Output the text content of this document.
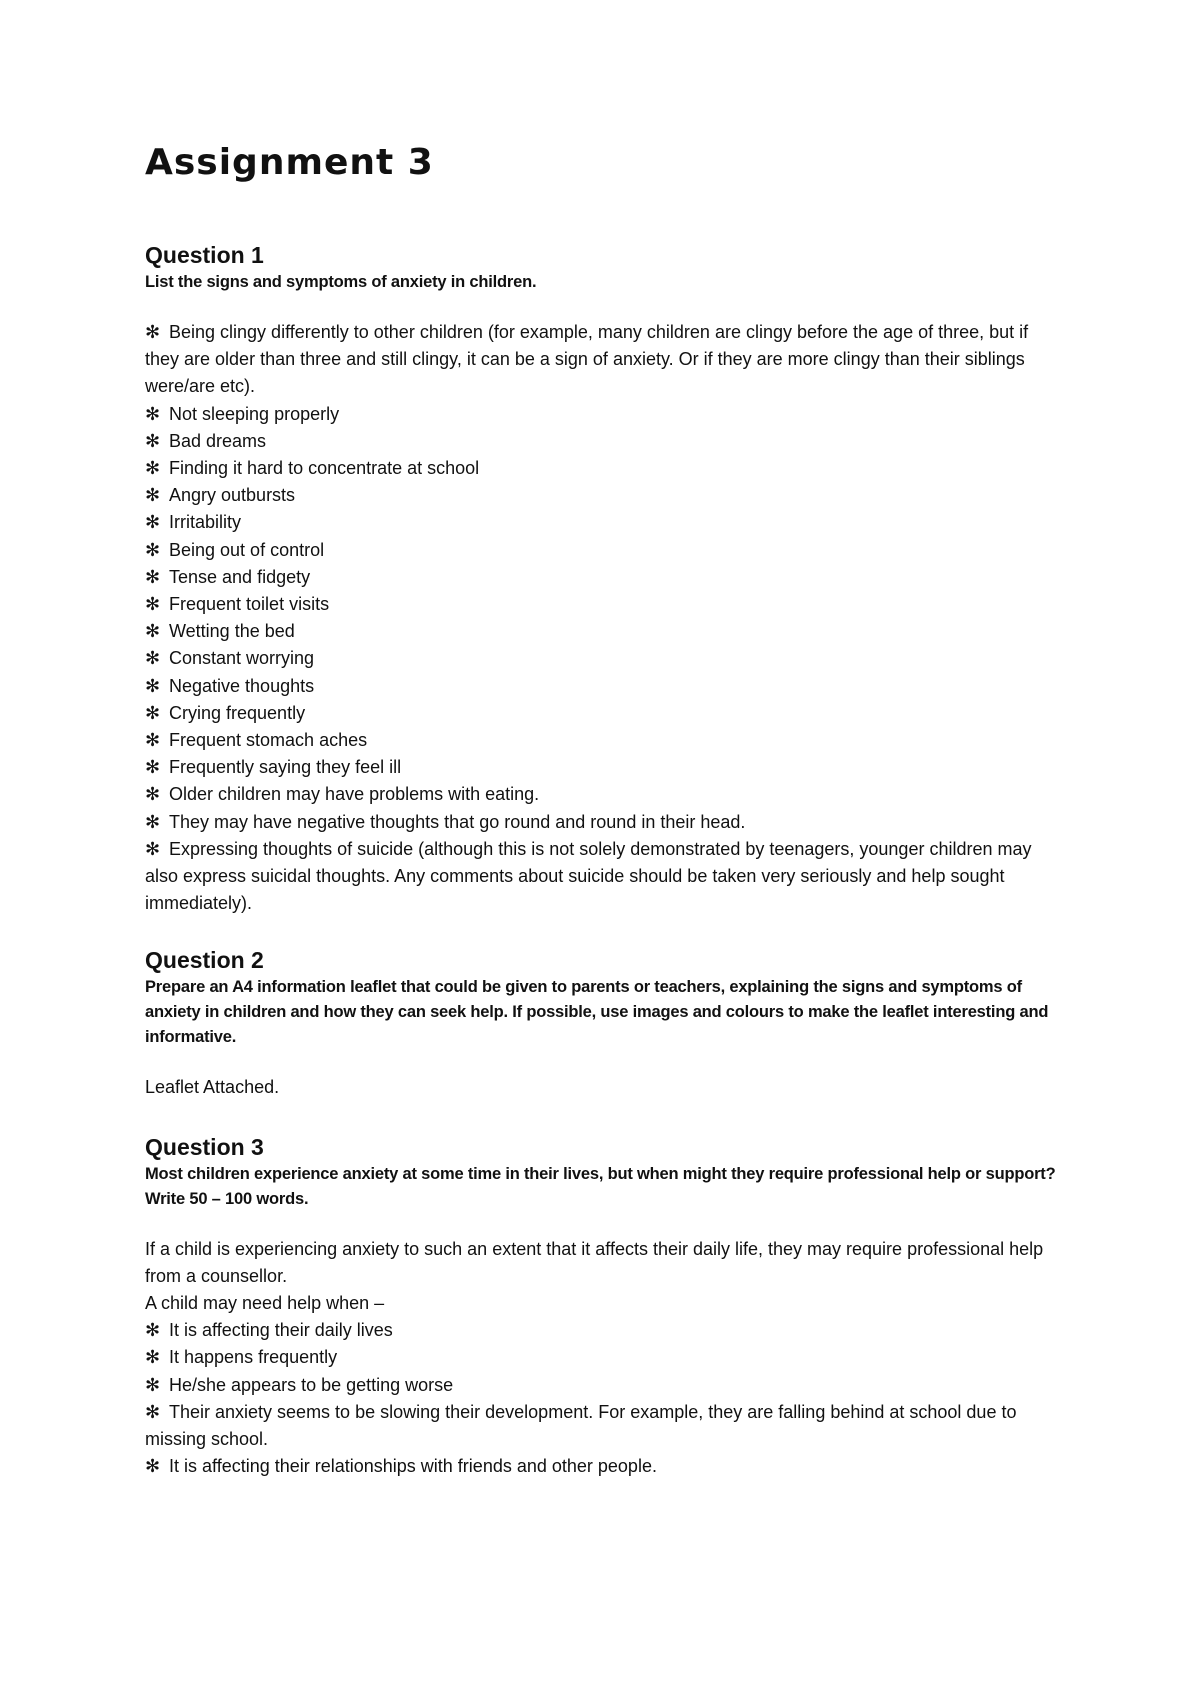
Assignment 3
Question 1

List the signs and symptoms of anxiety in children.

✻ Being clingy differently to other children (for example, many children are clingy before the age of three, but if they are older than three and still clingy, it can be a sign of anxiety. Or if they are more clingy than their siblings were/are etc).
✻ Not sleeping properly
✻ Bad dreams
✻ Finding it hard to concentrate at school
✻ Angry outbursts
✻ Irritability
✻ Being out of control
✻ Tense and fidgety
✻ Frequent toilet visits
✻ Wetting the bed
✻ Constant worrying
✻ Negative thoughts
✻ Crying frequently
✻ Frequent stomach aches
✻ Frequently saying they feel ill
✻ Older children may have problems with eating.
✻ They may have negative thoughts that go round and round in their head.
✻ Expressing thoughts of suicide (although this is not solely demonstrated by teenagers, younger children may also express suicidal thoughts. Any comments about suicide should be taken very seriously and help sought immediately).
Question 2

Prepare an A4 information leaflet that could be given to parents or teachers, explaining the signs and symptoms of anxiety in children and how they can seek help. If possible, use images and colours to make the leaflet interesting and informative.

Leaflet Attached.

Question 3

Most children experience anxiety at some time in their lives, but when might they require professional help or support? Write 50 – 100 words.

If a child is experiencing anxiety to such an extent that it affects their daily life, they may require professional help from a counsellor.

A child may need help when –

✻ It is affecting their daily lives
✻ It happens frequently
✻ He/she appears to be getting worse
✻ Their anxiety seems to be slowing their development. For example, they are falling behind at school due to missing school.
✻ It is affecting their relationships with friends and other people.
